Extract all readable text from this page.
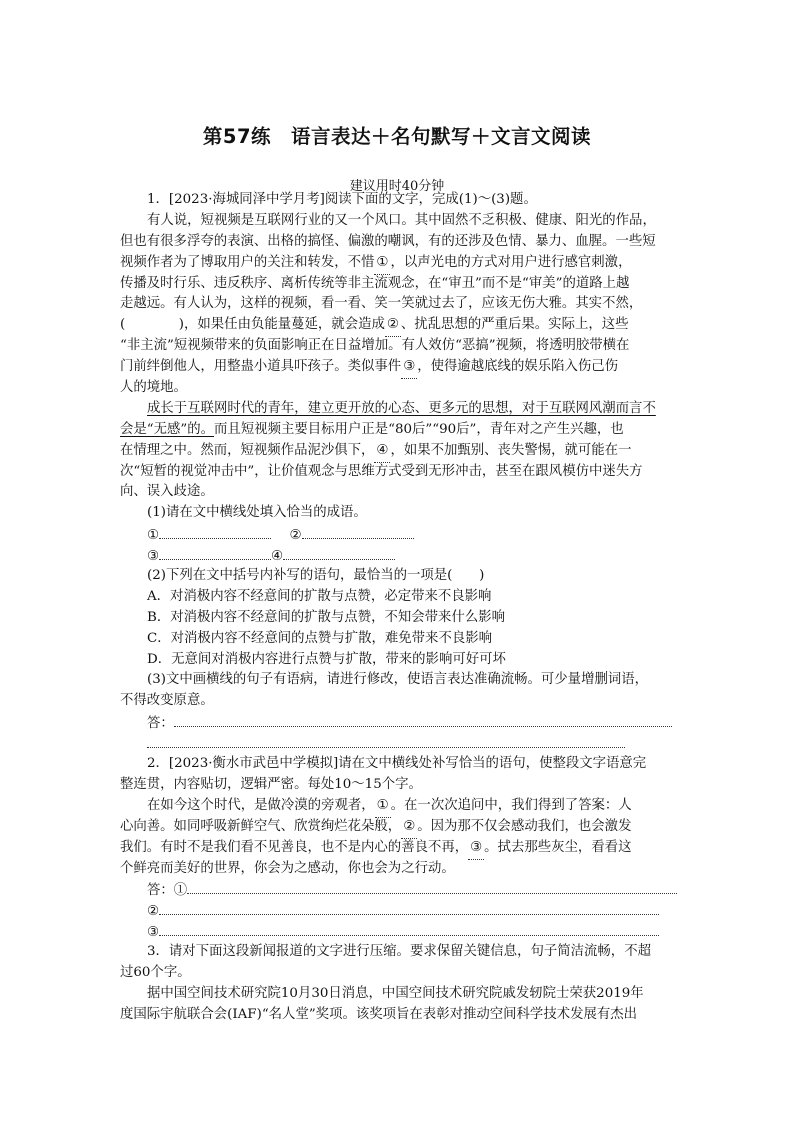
第57练　语言表达＋名句默写＋文言文阅读
建议用时40分钟
1．[2023·海城同泽中学月考]阅读下面的文字，完成(1)～(3)题。
有人说，短视频是互联网行业的又一个风口。其中固然不乏积极、健康、阳光的作品，
但也有很多浮夸的表演、出格的搞怪、偏激的嘲讽，有的还涉及色情、暴力、血腥。一些短
视频作者为了博取用户的关注和转发，不惜 ① ，以声光电的方式对用户进行感官刺激，
传播及时行乐、违反秩序、离析传统等非主流观念，在“审丑”而不是“审美”的道路上越
走越远。有人认为，这样的视频，看一看、笑一笑就过去了，应该无伤大雅。其实不然，
(　　　　)，如果任由负能量蔓延，就会造成 ② 、扰乱思想的严重后果。实际上，这些
“非主流”短视频带来的负面影响正在日益增加。有人效仿“恶搞”视频，将透明胶带横在
门前绊倒他人，用整蛊小道具吓孩子。类似事件 ③ ，使得逾越底线的娱乐陷入伤己伤
人的境地。
成长于互联网时代的青年，建立更开放的心态、更多元的思想，对于互联网风潮而言不
会是“无感”的。而且短视频主要目标用户正是“80后”“90后”，青年对之产生兴趣，也
在情理之中。然而，短视频作品泥沙俱下， ④ ，如果不加甄别、丧失警惕，就可能在一
次“短暂的视觉冲击中”，让价值观念与思维方式受到无形冲击，甚至在跟风模仿中迷失方
向、误入歧途。
(1)请在文中横线处填入恰当的成语。
①	②
③	④
(2)下列在文中括号内补写的语句，最恰当的一项是(　　)
A．对消极内容不经意间的扩散与点赞，必定带来不良影响
B．对消极内容不经意间的扩散与点赞，不知会带来什么影响
C．对消极内容不经意间的点赞与扩散，难免带来不良影响
D．无意间对消极内容进行点赞与扩散，带来的影响可好可坏
(3)文中画横线的句子有语病，请进行修改，使语言表达准确流畅。可少量增删词语，
不得改变原意。
答：
2．[2023·衡水市武邑中学模拟]请在文中横线处补写恰当的语句，使整段文字语意完
整连贯，内容贴切，逻辑严密。每处10～15个字。
在如今这个时代，是做冷漠的旁观者， ① 。在一次次追问中，我们得到了答案：人
心向善。如同呼吸新鲜空气、欣赏绚烂花朵般， ② 。因为那不仅会感动我们，也会激发
我们。有时不是我们看不见善良，也不是内心的善良不再， ③ 。拭去那些灰尘，看看这
个鲜亮而美好的世界，你会为之感动，你也会为之行动。
答：①
②
③
3．请对下面这段新闻报道的文字进行压缩。要求保留关键信息，句子简洁流畅，不超
过60个字。
据中国空间技术研究院10月30日消息，中国空间技术研究院戚发轫院士荣获2019年
度国际宇航联合会(IAF)“名人堂”奖项。该奖项旨在表彰对推动空间科学技术发展有杰出
